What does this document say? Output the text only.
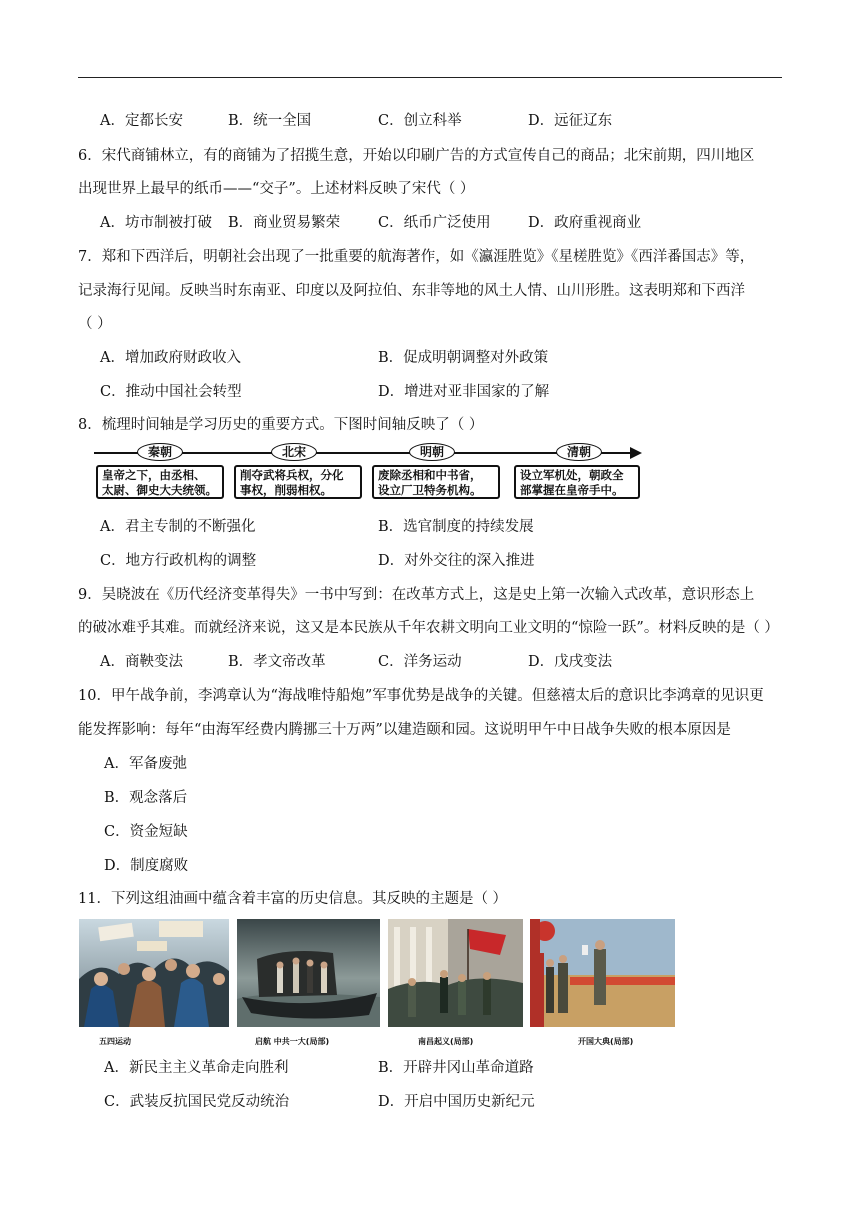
A．定都长安	B．统一全国	C．创立科举	D．远征辽东
6．宋代商铺林立，有的商铺为了招揽生意，开始以印刷广告的方式宣传自己的商品；北宋前期，四川地区
出现世界上最早的纸币——“交子”。上述材料反映了宋代（ ）
A．坊市制被打破 B．商业贸易繁荣	C．纸币广泛使用	D．政府重视商业
7．郑和下西洋后，明朝社会出现了一批重要的航海著作，如《瀛涯胜览》《星槎胜览》《西洋番国志》等，
记录海行见闻。反映当时东南亚、印度以及阿拉伯、东非等地的风土人情、山川形胜。这表明郑和下西洋
（ ）
A．增加政府财政收入	B．促成明朝调整对外政策
C．推动中国社会转型	D．增进对亚非国家的了解
8．梳理时间轴是学习历史的重要方式。下图时间轴反映了（ ）
秦朝	北宋	明朝	清朝
皇帝之下，由丞相、
太尉、御史大夫统领。
削夺武将兵权，分化
事权，削弱相权。
废除丞相和中书省，
设立厂卫特务机构。
设立军机处，朝政全
部掌握在皇帝手中。
A．君主专制的不断强化	B．选官制度的持续发展
C．地方行政机构的调整	D．对外交往的深入推进
9．吴晓波在《历代经济变革得失》一书中写到：在改革方式上，这是史上第一次输入式改革，意识形态上
的破冰难乎其难。而就经济来说，这又是本民族从千年农耕文明向工业文明的“惊险一跃”。材料反映的是（ ）
A．商鞅变法	B．孝文帝改革	C．洋务运动	D．戊戌变法
10．甲午战争前，李鸿章认为“海战唯恃船炮”军事优势是战争的关键。但慈禧太后的意识比李鸿章的见识更
能发挥影响：每年“由海军经费内腾挪三十万两”以建造颐和园。这说明甲午中日战争失败的根本原因是
A．军备废弛
B．观念落后
C．资金短缺
D．制度腐败
11．下列这组油画中蕴含着丰富的历史信息。其反映的主题是（ ）
五四运动	启航 中共一大(局部)	南昌起义(局部)	开国大典(局部)
A．新民主主义革命走向胜利	B．开辟井冈山革命道路
C．武装反抗国民党反动统治	D．开启中国历史新纪元
